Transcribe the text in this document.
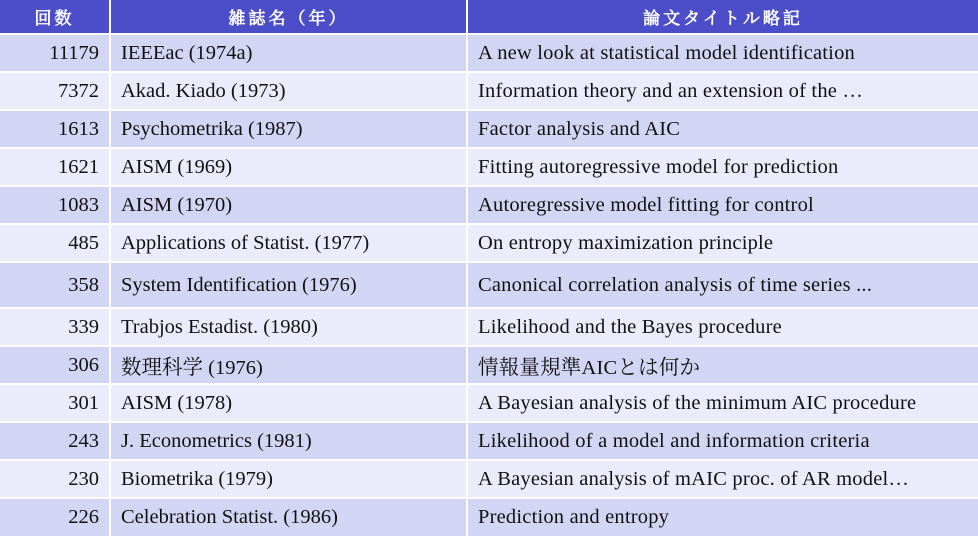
回数	雑誌名（年）	論文タイトル略記
11179	IEEEac (1974a)	A new look at statistical model identification
7372	Akad. Kiado (1973)	Information theory and an extension of the …
1613	Psychometrika (1987)	Factor analysis and AIC
1621	AISM (1969)	Fitting autoregressive model for prediction
1083	AISM (1970)	Autoregressive model fitting for control
485	Applications of Statist. (1977)	On entropy maximization principle
358	System Identification (1976)	Canonical correlation analysis of time series ...
339	Trabjos Estadist. (1980)	Likelihood and the Bayes procedure
306	数理科学 (1976)	情報量規準AICとは何か
301	AISM (1978)	A Bayesian analysis of the minimum AIC procedure
243	J. Econometrics (1981)	Likelihood of a model and information criteria
230	Biometrika (1979)	A Bayesian analysis of mAIC proc. of AR model…
226	Celebration Statist. (1986)	Prediction and entropy
